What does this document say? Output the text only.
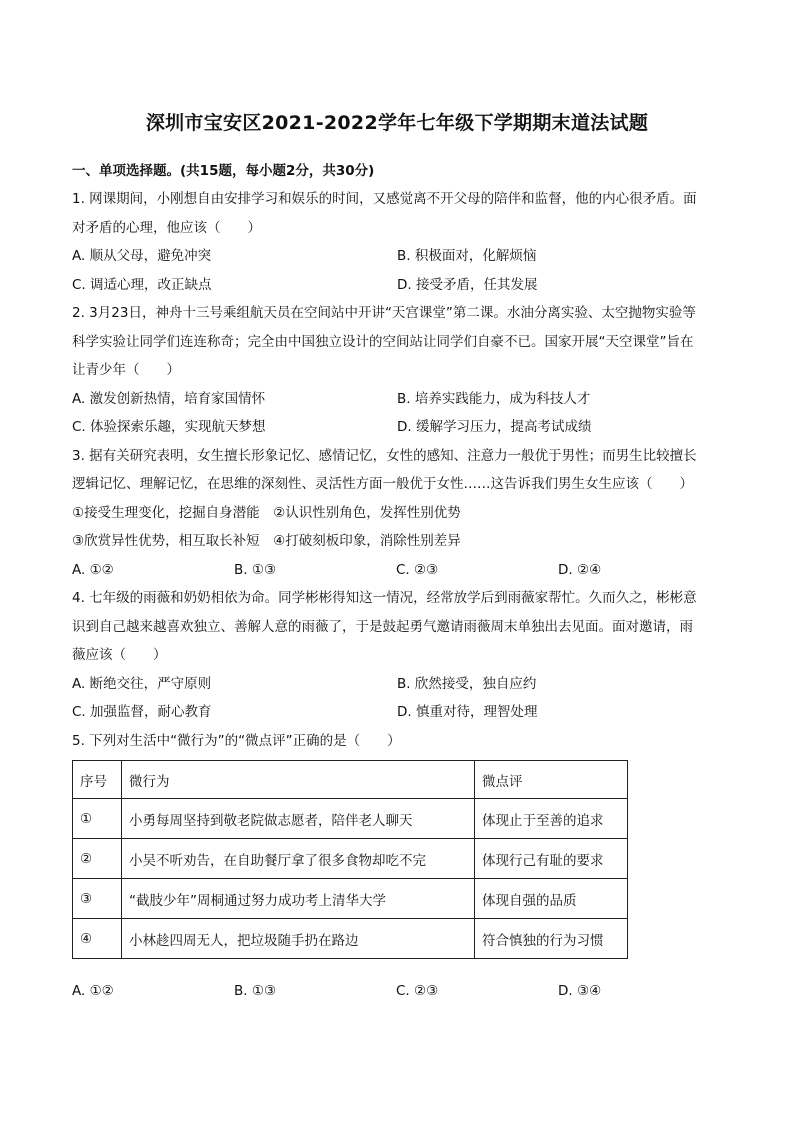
深圳市宝安区2021-2022学年七年级下学期期末道法试题
一、单项选择题。(共15题，每小题2分，共30分)
1. 网课期间，小刚想自由安排学习和娱乐的时间，又感觉离不开父母的陪伴和监督，他的内心很矛盾。面
对矛盾的心理，他应该（　　）
A. 顺从父母，避免冲突	B. 积极面对，化解烦恼
C. 调适心理，改正缺点	D. 接受矛盾，任其发展
2. 3月23日，神舟十三号乘组航天员在空间站中开讲“天宫课堂”第二课。水油分离实验、太空抛物实验等
科学实验让同学们连连称奇；完全由中国独立设计的空间站让同学们自豪不已。国家开展“天空课堂”旨在
让青少年（　　）
A. 激发创新热情，培育家国情怀	B. 培养实践能力，成为科技人才
C. 体验探索乐趣，实现航天梦想	D. 缓解学习压力，提高考试成绩
3. 据有关研究表明，女生擅长形象记忆、感情记忆，女性的感知、注意力一般优于男性；而男生比较擅长
逻辑记忆、理解记忆，在思维的深刻性、灵活性方面一般优于女性……这告诉我们男生女生应该（　　）
①接受生理变化，挖掘自身潜能　②认识性别角色，发挥性别优势
③欣赏异性优势，相互取长补短　④打破刻板印象，消除性别差异
A. ①②	B. ①③	C. ②③	D. ②④
4. 七年级的雨薇和奶奶相依为命。同学彬彬得知这一情况，经常放学后到雨薇家帮忙。久而久之，彬彬意
识到自己越来越喜欢独立、善解人意的雨薇了，于是鼓起勇气邀请雨薇周末单独出去见面。面对邀请，雨
薇应该（　　）
A. 断绝交往，严守原则	B. 欣然接受，独自应约
C. 加强监督，耐心教育	D. 慎重对待，理智处理
5. 下列对生活中“微行为”的“微点评”正确的是（　　）
序号	微行为	微点评
①	小勇每周坚持到敬老院做志愿者，陪伴老人聊天	体现止于至善的追求
②	小吴不听劝告，在自助餐厅拿了很多食物却吃不完	体现行己有耻的要求
③	“截肢少年”周桐通过努力成功考上清华大学	体现自强的品质
④	小林趁四周无人，把垃圾随手扔在路边	符合慎独的行为习惯
A. ①②	B. ①③	C. ②③	D. ③④
